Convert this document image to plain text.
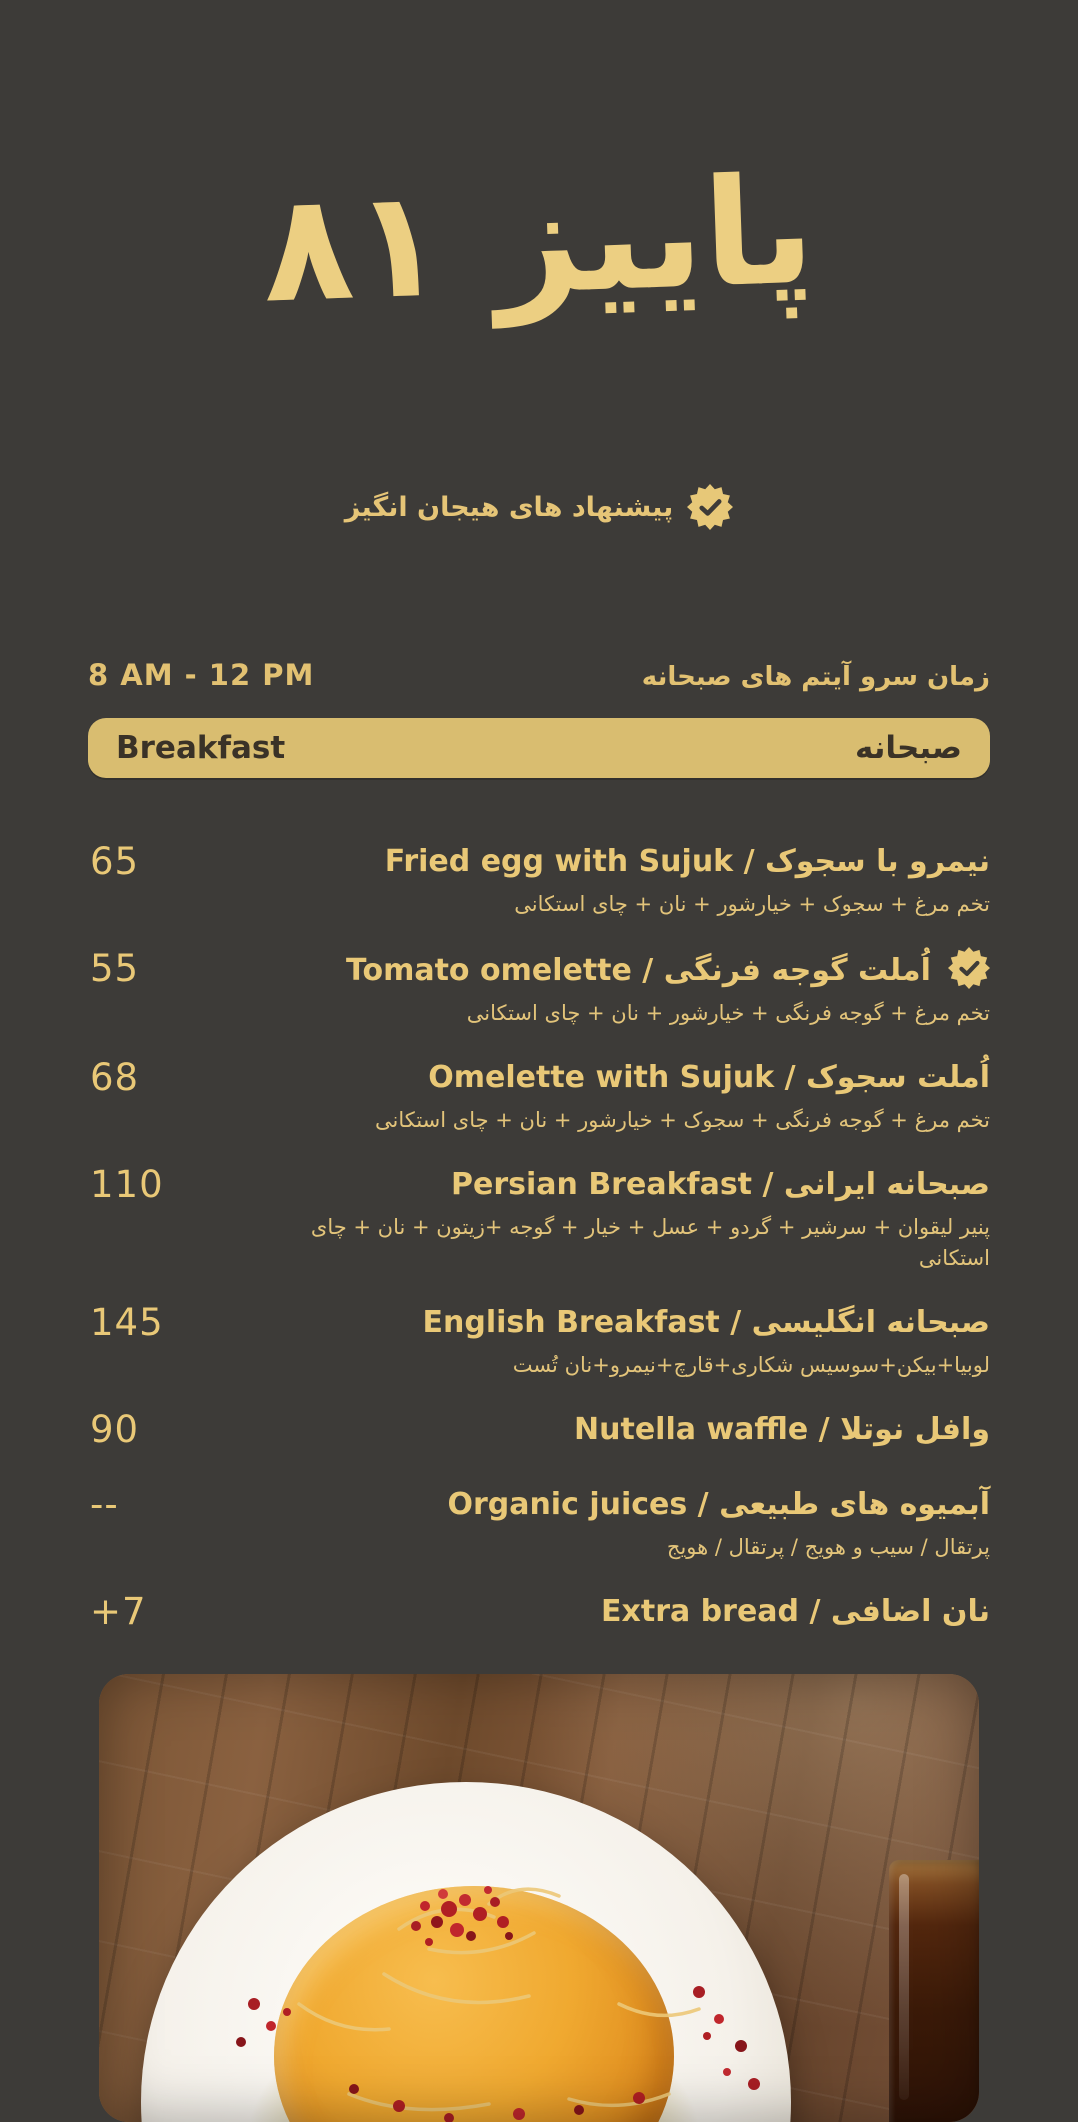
پاییز ۸۱
پیشنهاد های هیجان انگیز
8 AM - 12 PM	زمان سرو آیتم های صبحانه
Breakfast	صبحانه
65	نیمرو با سجوک / Fried egg with Sujuk
تخم مرغ + سجوک + خیارشور + نان + چای استکانی
55	اُملت گوجه فرنگی / Tomato omelette
تخم مرغ + گوجه فرنگی + خیارشور + نان + چای استکانی
68	اُملت سجوک / Omelette with Sujuk
تخم مرغ + گوجه فرنگی + سجوک + خیارشور + نان + چای استکانی
110	صبحانه ایرانی / Persian Breakfast
پنیر لیقوان + سرشیر + گردو + عسل + خیار + گوجه +زیتون + نان + چای استکانی
145	صبحانه انگلیسی / English Breakfast
لوبیا+بیکن+سوسیس شکاری+قارچ+نیمرو+نان تُست
90	وافل نوتلا / Nutella waffle
--	آبمیوه های طبیعی / Organic juices
پرتقال / سیب و هویج / پرتقال / هویج
+7	نان اضافی / Extra bread
